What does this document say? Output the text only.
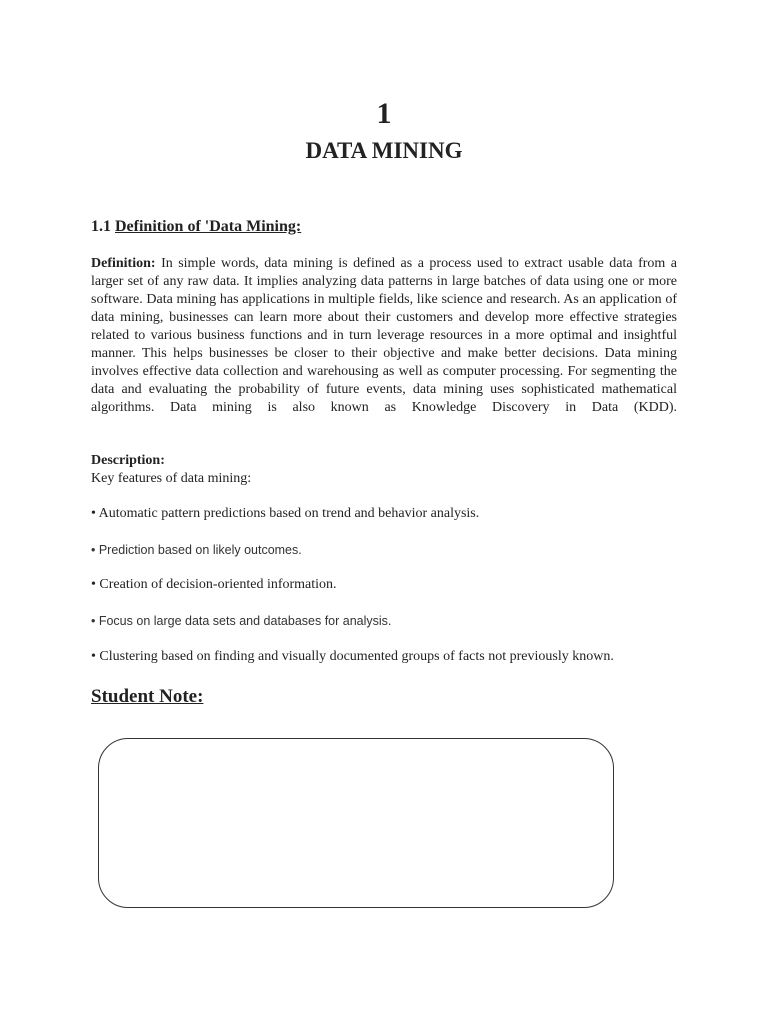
1
DATA MINING
1.1 Definition of 'Data Mining:
Definition: In simple words, data mining is defined as a process used to extract usable data from a larger set of any raw data. It implies analyzing data patterns in large batches of data using one or more software. Data mining has applications in multiple fields, like science and research. As an application of data mining, businesses can learn more about their customers and develop more effective strategies related to various business functions and in turn leverage resources in a more optimal and insightful manner. This helps businesses be closer to their objective and make better decisions. Data mining involves effective data collection and warehousing as well as computer processing. For segmenting the data and evaluating the probability of future events, data mining uses sophisticated mathematical algorithms. Data mining is also known as Knowledge Discovery in Data (KDD).
Description:
Key features of data mining:
• Automatic pattern predictions based on trend and behavior analysis.
• Prediction based on likely outcomes.
• Creation of decision-oriented information.
• Focus on large data sets and databases for analysis.
• Clustering based on finding and visually documented groups of facts not previously known.
Student Note:
